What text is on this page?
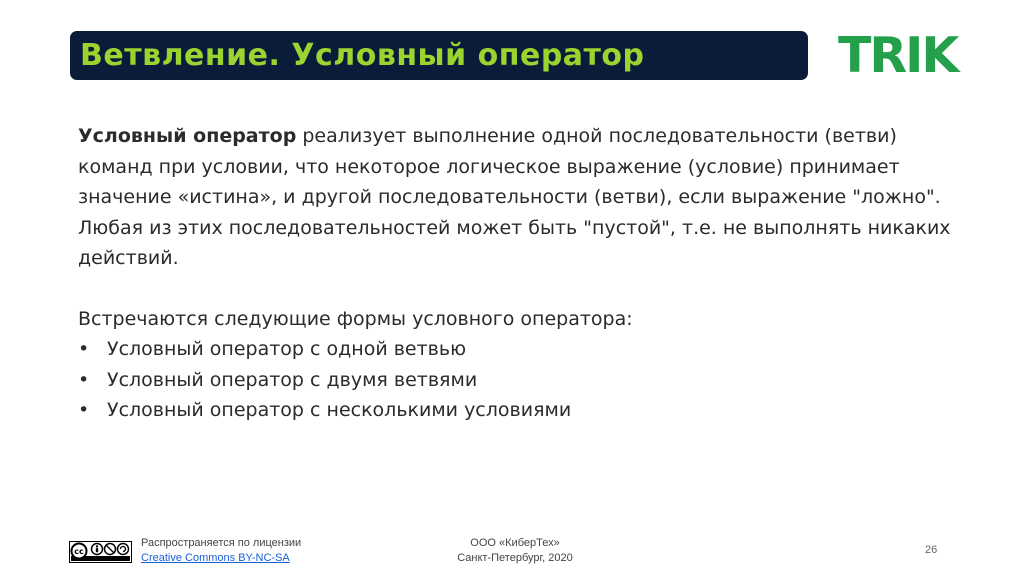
Ветвление. Условный оператор	TRIK

Условный оператор реализует выполнение одной последовательности (ветви) команд при условии, что некоторое логическое выражение (условие) принимает значение «истина», и другой последовательности (ветви), если выражение "ложно". Любая из этих последовательностей может быть "пустой", т.е. не выполнять никаких действий.

Встречаются следующие формы условного оператора:

• Условный оператор с одной ветвью
• Условный оператор с двумя ветвями
• Условный оператор с несколькими условиями
cc
Распространяется по лицензии
Creative Commons BY-NC-SA
ООО «КиберТех»
Санкт-Петербург, 2020
26
